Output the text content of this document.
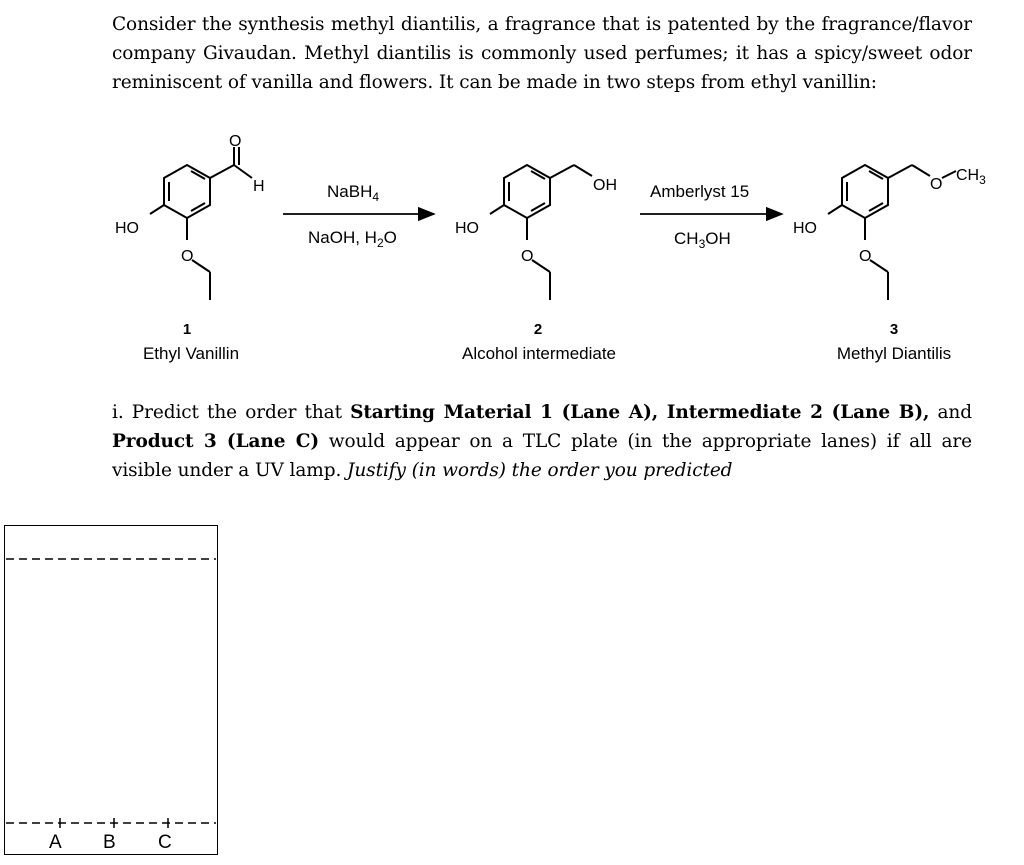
Consider the synthesis methyl diantilis, a fragrance that is patented by the fragrance/flavor company Givaudan. Methyl diantilis is commonly used perfumes; it has a spicy/sweet odor reminiscent of vanilla and flowers. It can be made in two steps from ethyl vanillin:
O
H
HO
O
NaBH$_4$
NaOH, $H_2O$
OH
HO
O
Amberlyst 15
$CH_3OH$
O
$CH_3$
HO
O
1
Ethyl Vanillin
2
Alcohol intermediate
3
Methyl Diantilis
i. Predict the order that Starting Material 1 (Lane A), Intermediate 2 (Lane B), and Product 3 (Lane C) would appear on a TLC plate (in the appropriate lanes) if all are visible under a UV lamp. Justify (in words) the order you predicted
A B C
